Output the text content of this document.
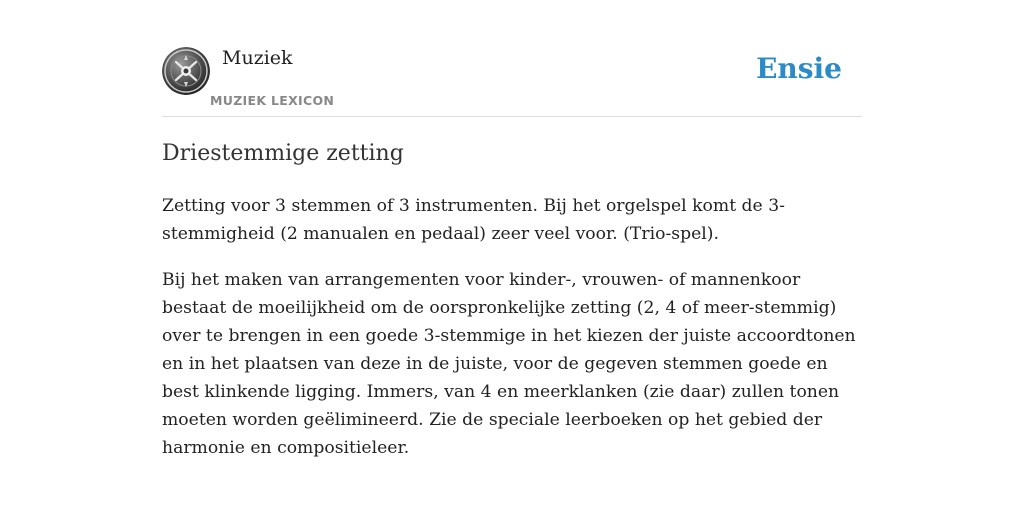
Muziek
MUZIEK LEXICON
Ensie
Driestemmige zetting

Zetting voor 3 stemmen of 3 instrumenten. Bij het orgelspel komt de 3-stemmigheid (2 manualen en pedaal) zeer veel voor. (Trio-spel).

Bij het maken van arrangementen voor kinder-, vrouwen- of mannenkoor bestaat de moeilijkheid om de oorspronkelijke zetting (2, 4 of meer-stemmig) over te brengen in een goede 3-stemmige in het kiezen der juiste accoordtonen en in het plaatsen van deze in de juiste, voor de gegeven stemmen goede en best klinkende ligging. Immers, van 4 en meerklanken (zie daar) zullen tonen moeten worden geëlimineerd. Zie de speciale leerboeken op het gebied der harmonie en compositieleer.
